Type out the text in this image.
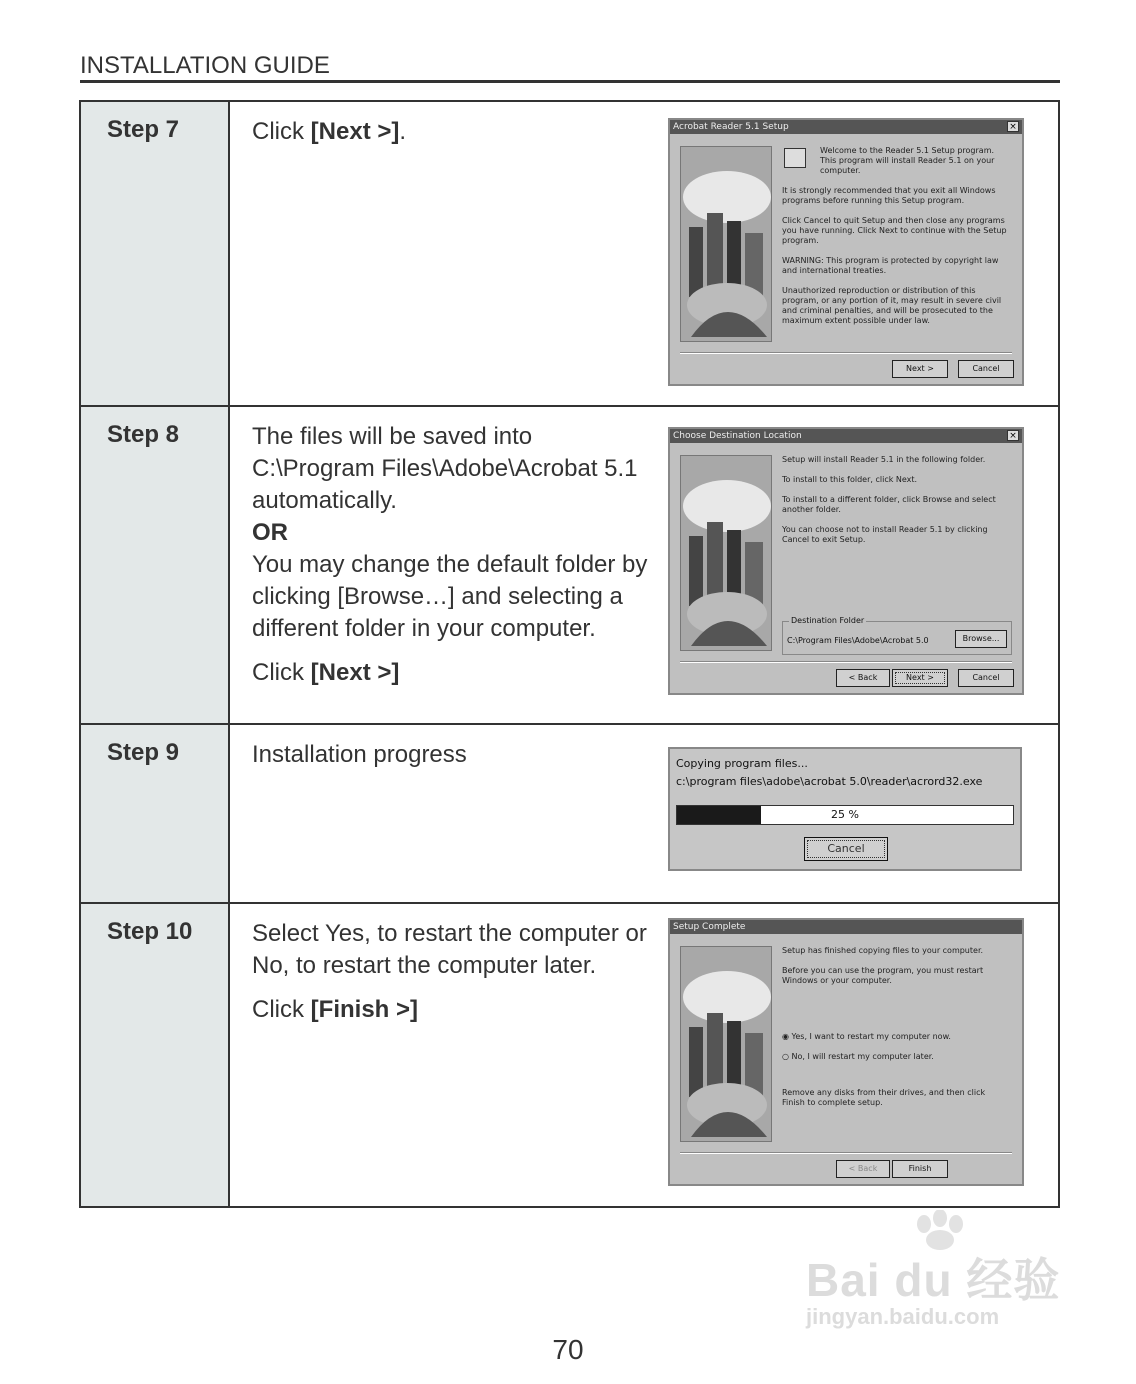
INSTALLATION GUIDE
Step 7	Click [Next >].	Acrobat Reader 5.1 Setup	×

Welcome to the Reader 5.1 Setup program. This program will install Reader 5.1 on your computer.

It is strongly recommended that you exit all Windows programs before running this Setup program.

Click Cancel to quit Setup and then close any programs you have running. Click Next to continue with the Setup program.

WARNING: This program is protected by copyright law and international treaties.

Unauthorized reproduction or distribution of this program, or any portion of it, may result in severe civil and criminal penalties, and will be prosecuted to the maximum extent possible under law.

Next >	Cancel
Step 8	The files will be saved into C:\Program Files\Adobe\Acrobat 5.1 automatically.
OR
You may change the default folder by clicking [Browse…] and selecting a different folder in your computer.
Click [Next >]
Choose Destination Location	×

Setup will install Reader 5.1 in the following folder.

To install to this folder, click Next.

To install to a different folder, click Browse and select another folder.

You can choose not to install Reader 5.1 by clicking Cancel to exit Setup.

Destination Folder
C:\Program Files\Adobe\Acrobat 5.0	Browse...
< Back	Next >	Cancel
Step 9	Installation progress	Copying program files...
c:\program files\adobe\acrobat 5.0\reader\acrord32.exe
25 %
Cancel
Step 10	Select Yes, to restart the computer or No, to restart the computer later.
Click [Finish >]
Setup Complete

Setup has finished copying files to your computer.

Before you can use the program, you must restart Windows or your computer.

◉ Yes, I want to restart my computer now.

○ No, I will restart my computer later.

Remove any disks from their drives, and then click Finish to complete setup.

< Back	Finish
Bai du 经验
jingyan.baidu.com
70
